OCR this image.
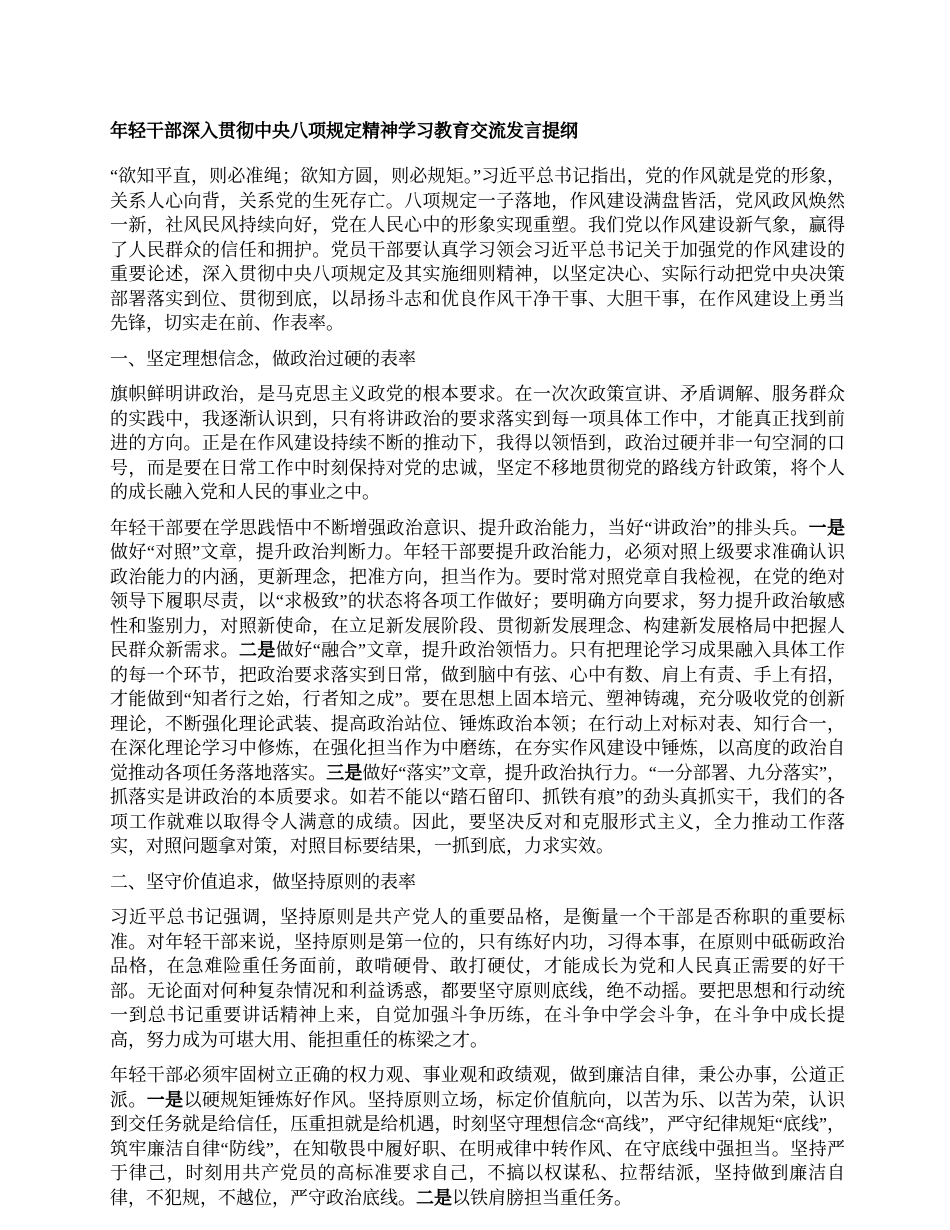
年轻干部深入贯彻中央八项规定精神学习教育交流发言提纲

“欲知平直，则必准绳；欲知方圆，则必规矩。”习近平总书记指出，党的作风就是党的形象，关系人心向背，关系党的生死存亡。八项规定一子落地，作风建设满盘皆活，党风政风焕然一新，社风民风持续向好，党在人民心中的形象实现重塑。我们党以作风建设新气象，赢得了人民群众的信任和拥护。党员干部要认真学习领会习近平总书记关于加强党的作风建设的重要论述，深入贯彻中央八项规定及其实施细则精神，以坚定决心、实际行动把党中央决策部署落实到位、贯彻到底，以昂扬斗志和优良作风干净干事、大胆干事，在作风建设上勇当先锋，切实走在前、作表率。

一、坚定理想信念，做政治过硬的表率

旗帜鲜明讲政治，是马克思主义政党的根本要求。在一次次政策宣讲、矛盾调解、服务群众的实践中，我逐渐认识到，只有将讲政治的要求落实到每一项具体工作中，才能真正找到前进的方向。正是在作风建设持续不断的推动下，我得以领悟到，政治过硬并非一句空洞的口号，而是要在日常工作中时刻保持对党的忠诚，坚定不移地贯彻党的路线方针政策，将个人的成长融入党和人民的事业之中。

年轻干部要在学思践悟中不断增强政治意识、提升政治能力，当好“讲政治”的排头兵。一是做好“对照”文章，提升政治判断力。年轻干部要提升政治能力，必须对照上级要求准确认识政治能力的内涵，更新理念，把准方向，担当作为。要时常对照党章自我检视，在党的绝对领导下履职尽责，以“求极致”的状态将各项工作做好；要明确方向要求，努力提升政治敏感性和鉴别力，对照新使命，在立足新发展阶段、贯彻新发展理念、构建新发展格局中把握人民群众新需求。二是做好“融合”文章，提升政治领悟力。只有把理论学习成果融入具体工作的每一个环节，把政治要求落实到日常，做到脑中有弦、心中有数、肩上有责、手上有招，才能做到“知者行之始，行者知之成”。要在思想上固本培元、塑神铸魂，充分吸收党的创新理论，不断强化理论武装、提高政治站位、锤炼政治本领；在行动上对标对表、知行合一，在深化理论学习中修炼，在强化担当作为中磨练，在夯实作风建设中锤炼，以高度的政治自觉推动各项任务落地落实。三是做好“落实”文章，提升政治执行力。“一分部署、九分落实”，抓落实是讲政治的本质要求。如若不能以“踏石留印、抓铁有痕”的劲头真抓实干，我们的各项工作就难以取得令人满意的成绩。因此，要坚决反对和克服形式主义，全力推动工作落实，对照问题拿对策，对照目标要结果，一抓到底，力求实效。

二、坚守价值追求，做坚持原则的表率

习近平总书记强调，坚持原则是共产党人的重要品格，是衡量一个干部是否称职的重要标准。对年轻干部来说，坚持原则是第一位的，只有练好内功，习得本事，在原则中砥砺政治品格，在急难险重任务面前，敢啃硬骨、敢打硬仗，才能成长为党和人民真正需要的好干部。无论面对何种复杂情况和利益诱惑，都要坚守原则底线，绝不动摇。要把思想和行动统一到总书记重要讲话精神上来，自觉加强斗争历练，在斗争中学会斗争，在斗争中成长提高，努力成为可堪大用、能担重任的栋梁之才。

年轻干部必须牢固树立正确的权力观、事业观和政绩观，做到廉洁自律，秉公办事，公道正派。一是以硬规矩锤炼好作风。坚持原则立场，标定价值航向，以苦为乐、以苦为荣，认识到交任务就是给信任，压重担就是给机遇，时刻坚守理想信念“高线”，严守纪律规矩“底线”，筑牢廉洁自律“防线”，在知敬畏中履好职、在明戒律中转作风、在守底线中强担当。坚持严于律己，时刻用共产党员的高标准要求自己，不搞以权谋私、拉帮结派，坚持做到廉洁自律，不犯规，不越位，严守政治底线。二是以铁肩膀担当重任务。
